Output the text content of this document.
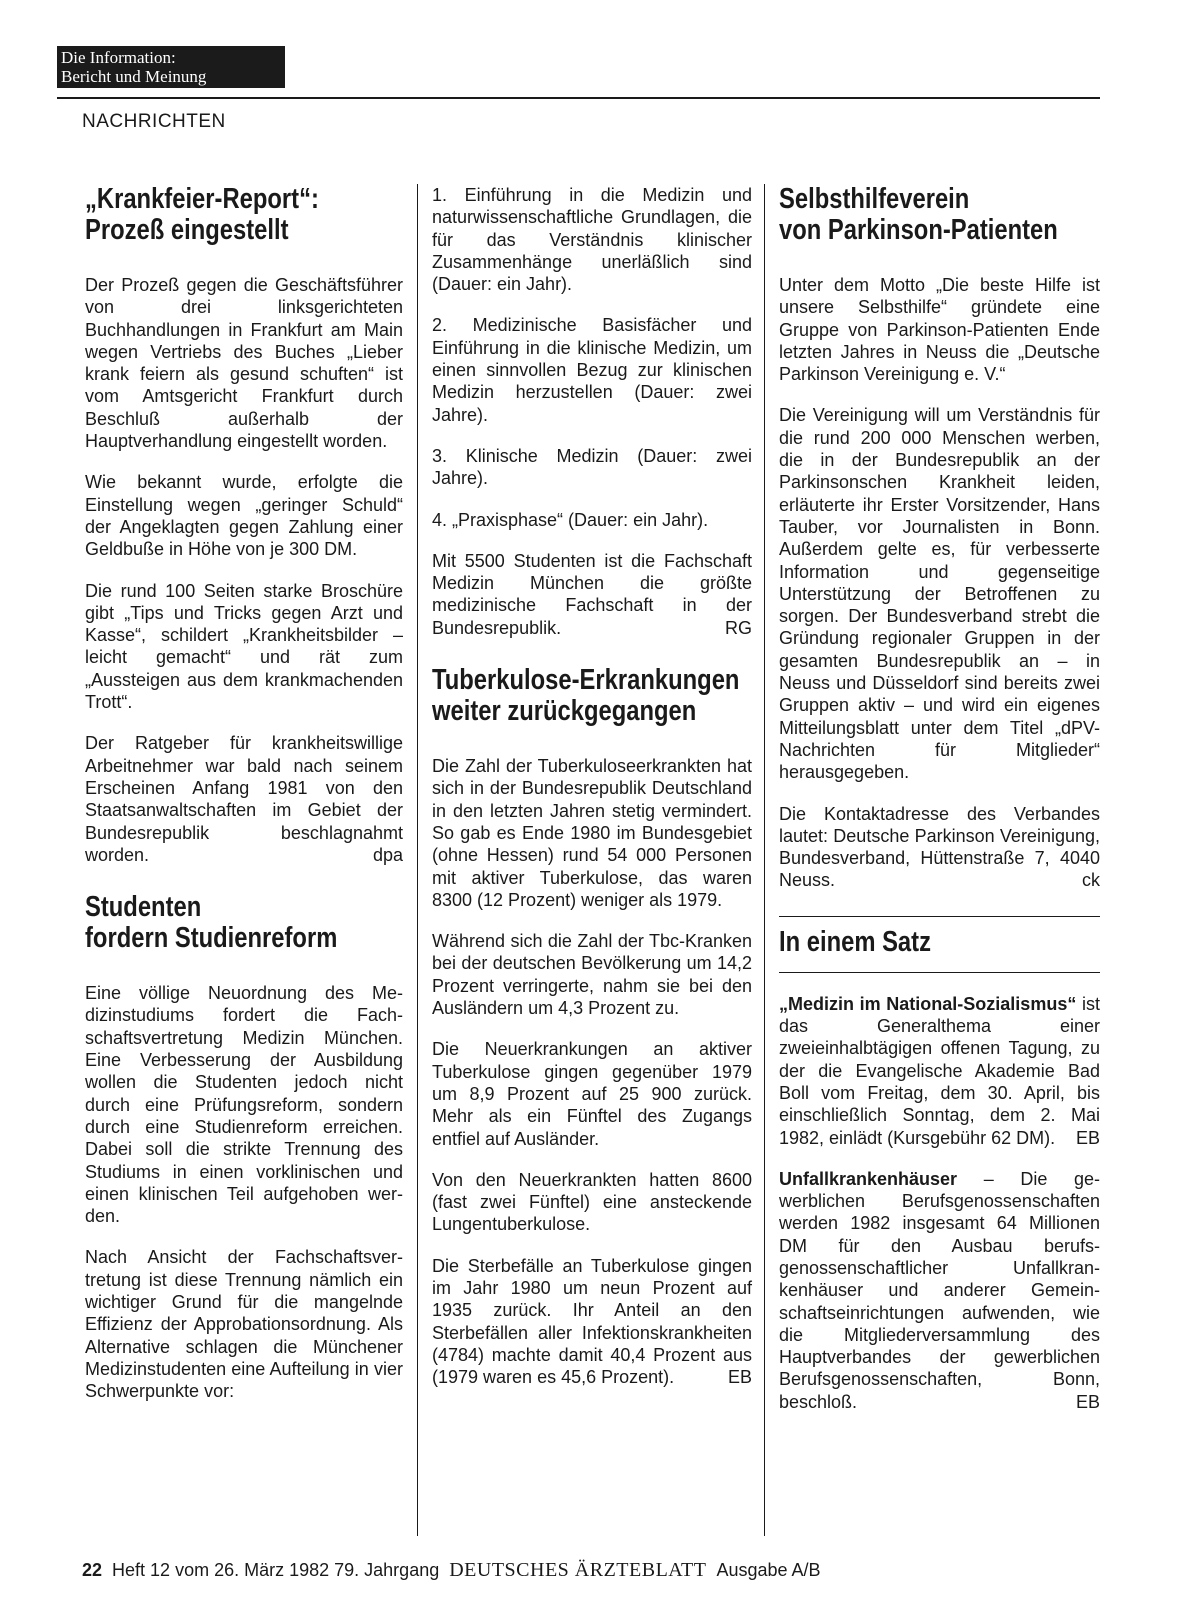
Die Information:
Bericht und Meinung
NACHRICHTEN
„Krankfeier-Report“:
Prozeß eingestellt

Der Prozeß gegen die Geschäftsführer von drei linksgerichteten Buchhandlungen in Frankfurt am Main wegen Vertriebs des Buches „Lieber krank feiern als gesund schuften“ ist vom Amtsgericht Frankfurt durch Beschluß außerhalb der Hauptverhandlung eingestellt worden.

Wie bekannt wurde, erfolgte die Einstellung wegen „geringer Schuld“ der Angeklagten gegen Zahlung einer Geldbuße in Höhe von je 300 DM.

Die rund 100 Seiten starke Broschüre gibt „Tips und Tricks gegen Arzt und Kasse“, schildert „Krankheitsbilder – leicht gemacht“ und rät zum „Aussteigen aus dem krankmachenden Trott“.

Der Ratgeber für krankheitswillige Arbeitnehmer war bald nach seinem Erscheinen Anfang 1981 von den Staatsanwaltschaften im Gebiet der Bundesrepublik beschlagnahmt worden.	dpa

Studenten
fordern Studienreform

Eine völlige Neuordnung des Medizinstudiums fordert die Fachschaftsvertretung Medizin München. Eine Verbesserung der Ausbildung wollen die Studenten jedoch nicht durch eine Prüfungsreform, sondern durch eine Studienreform erreichen. Dabei soll die strikte Trennung des Studiums in einen vorklinischen und einen klinischen Teil aufgehoben werden.

Nach Ansicht der Fachschaftsvertretung ist diese Trennung nämlich ein wichtiger Grund für die mangelnde Effizienz der Approbationsordnung. Als Alternative schlagen die Münchener Medizinstudenten eine Aufteilung in vier Schwerpunkte vor:

1. Einführung in die Medizin und naturwissenschaftliche Grundlagen, die für das Verständnis klinischer Zusammenhänge unerläßlich sind (Dauer: ein Jahr).

2. Medizinische Basisfächer und Einführung in die klinische Medizin, um einen sinnvollen Bezug zur klinischen Medizin herzustellen (Dauer: zwei Jahre).

3. Klinische Medizin (Dauer: zwei Jahre).

4. „Praxisphase“ (Dauer: ein Jahr).

Mit 5500 Studenten ist die Fachschaft Medizin München die größte medizinische Fachschaft in der Bundesrepublik.	RG

Tuberkulose-Erkrankungen
weiter zurückgegangen

Die Zahl der Tuberkuloseerkrankten hat sich in der Bundesrepublik Deutschland in den letzten Jahren stetig vermindert. So gab es Ende 1980 im Bundesgebiet (ohne Hessen) rund 54 000 Personen mit aktiver Tuberkulose, das waren 8300 (12 Prozent) weniger als 1979.

Während sich die Zahl der Tbc-Kranken bei der deutschen Bevölkerung um 14,2 Prozent verringerte, nahm sie bei den Ausländern um 4,3 Prozent zu.

Die Neuerkrankungen an aktiver Tuberkulose gingen gegenüber 1979 um 8,9 Prozent auf 25 900 zurück. Mehr als ein Fünftel des Zugangs entfiel auf Ausländer.

Von den Neuerkrankten hatten 8600 (fast zwei Fünftel) eine ansteckende Lungentuberkulose.

Die Sterbefälle an Tuberkulose gingen im Jahr 1980 um neun Prozent auf 1935 zurück. Ihr Anteil an den Sterbefällen aller Infektionskrankheiten (4784) machte damit 40,4 Prozent aus (1979 waren es 45,6 Prozent).	EB

Selbsthilfeverein
von Parkinson-Patienten

Unter dem Motto „Die beste Hilfe ist unsere Selbsthilfe“ gründete eine Gruppe von Parkinson-Patienten Ende letzten Jahres in Neuss die „Deutsche Parkinson Vereinigung e. V.“

Die Vereinigung will um Verständnis für die rund 200 000 Menschen werben, die in der Bundesrepublik an der Parkinsonschen Krankheit leiden, erläuterte ihr Erster Vorsitzender, Hans Tauber, vor Journalisten in Bonn. Außerdem gelte es, für verbesserte Information und gegenseitige Unterstützung der Betroffenen zu sorgen. Der Bundesverband strebt die Gründung regionaler Gruppen in der gesamten Bundesrepublik an – in Neuss und Düsseldorf sind bereits zwei Gruppen aktiv – und wird ein eigenes Mitteilungsblatt unter dem Titel „dPV-Nachrichten für Mitglieder“ herausgegeben.

Die Kontaktadresse des Verbandes lautet: Deutsche Parkinson Vereinigung, Bundesverband, Hüttenstraße 7, 4040 Neuss.	ck

In einem Satz

„Medizin im National-Sozialismus“ ist das Generalthema einer zweieinhalbtägigen offenen Tagung, zu der die Evangelische Akademie Bad Boll vom Freitag, dem 30. April, bis einschließlich Sonntag, dem 2. Mai 1982, einlädt (Kursgebühr 62 DM). EB

Unfallkrankenhäuser – Die gewerblichen Berufsgenossenschaften werden 1982 insgesamt 64 Millionen DM für den Ausbau berufsgenossenschaftlicher Unfallkrankenhäuser und anderer Gemeinschaftseinrichtungen aufwenden, wie die Mitgliederversammlung des Hauptverbandes der gewerblichen Berufsgenossenschaften, Bonn, beschloß.	EB

22 Heft 12 vom 26. März 1982 79. Jahrgang DEUTSCHES ÄRZTEBLATT Ausgabe A/B
